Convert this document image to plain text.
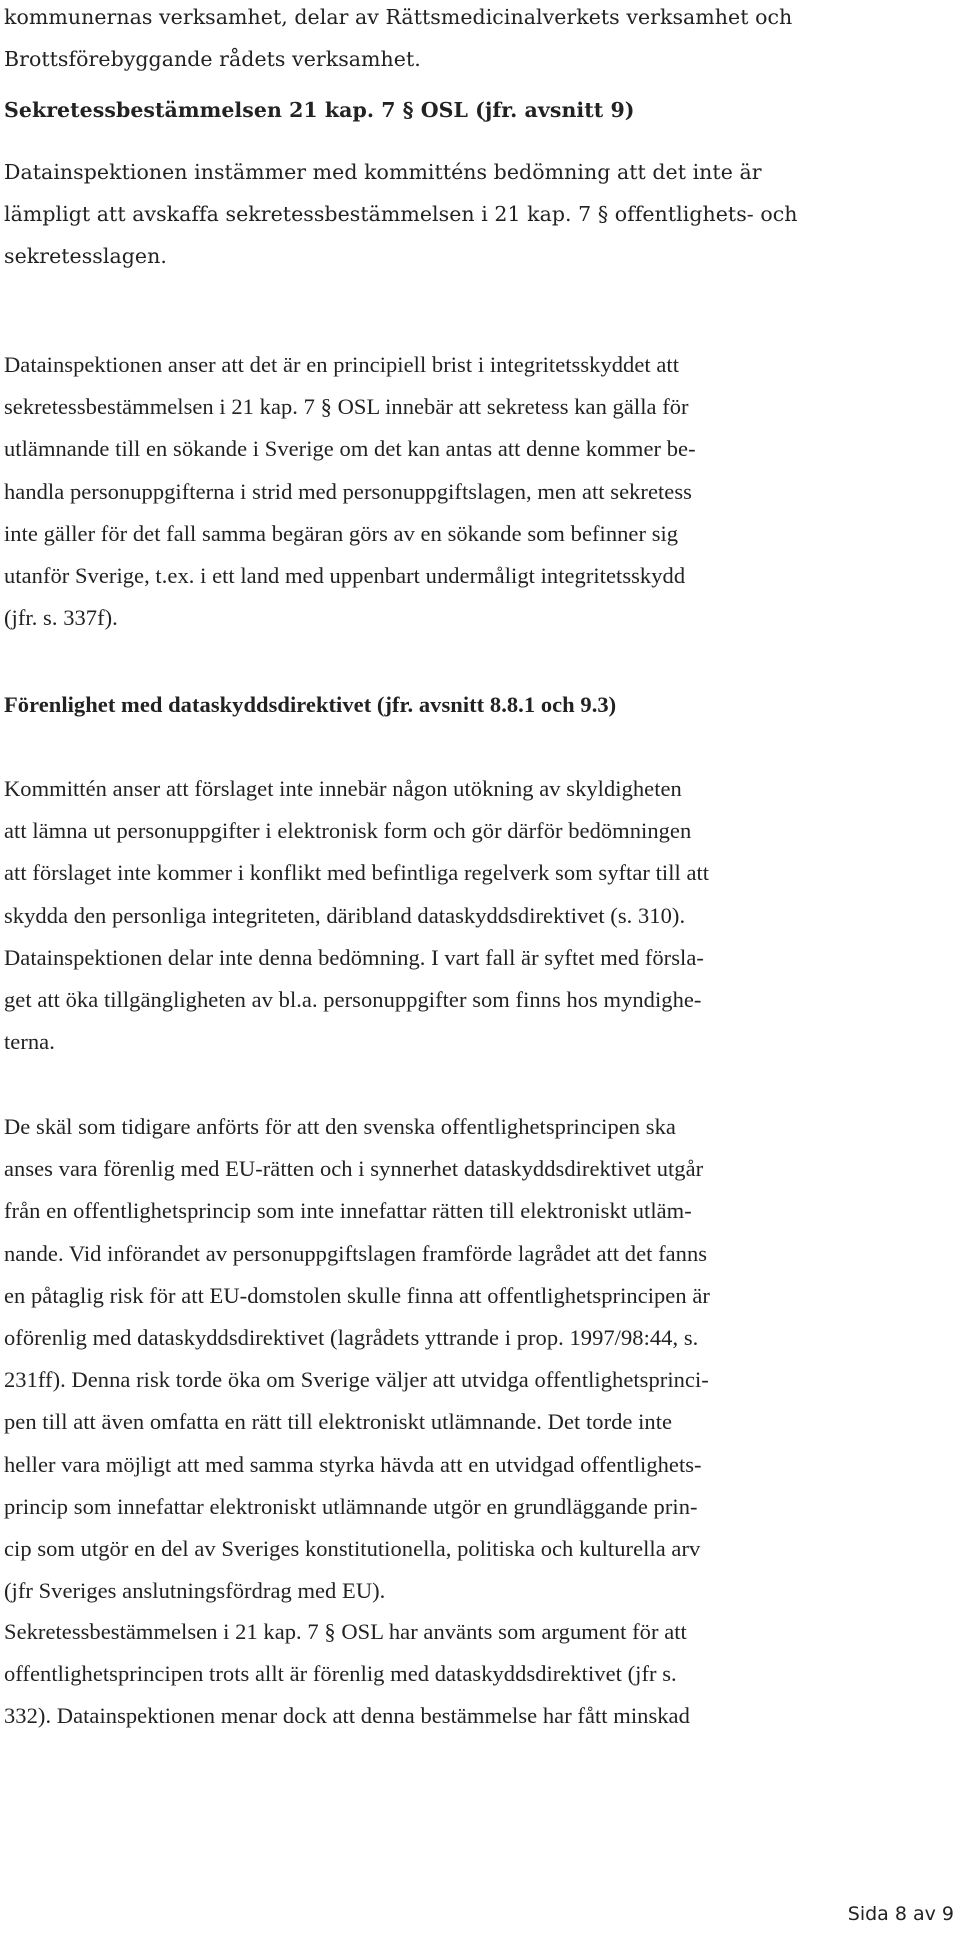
kommunernas verksamhet, delar av Rättsmedicinalverkets verksamhet och

Brottsförebyggande rådets verksamhet.

Sekretessbestämmelsen 21 kap. 7 § OSL (jfr. avsnitt 9)

Datainspektionen instämmer med kommitténs bedömning att det inte är

lämpligt att avskaffa sekretessbestämmelsen i 21 kap. 7 § offentlighets- och

sekretesslagen.

Datainspektionen anser att det är en principiell brist i integritetsskyddet att

sekretessbestämmelsen i 21 kap. 7 § OSL innebär att sekretess kan gälla för

utlämnande till en sökande i Sverige om det kan antas att denne kommer be-

handla personuppgifterna i strid med personuppgiftslagen, men att sekretess

inte gäller för det fall samma begäran görs av en sökande som befinner sig

utanför Sverige, t.ex. i ett land med uppenbart undermåligt integritetsskydd

(jfr. s. 337f).

Förenlighet med dataskyddsdirektivet (jfr. avsnitt 8.8.1 och 9.3)

Kommittén anser att förslaget inte innebär någon utökning av skyldigheten

att lämna ut personuppgifter i elektronisk form och gör därför bedömningen

att förslaget inte kommer i konflikt med befintliga regelverk som syftar till att

skydda den personliga integriteten, däribland dataskyddsdirektivet (s. 310).

Datainspektionen delar inte denna bedömning. I vart fall är syftet med försla-

get att öka tillgängligheten av bl.a. personuppgifter som finns hos myndighe-

terna.

De skäl som tidigare anförts för att den svenska offentlighetsprincipen ska

anses vara förenlig med EU-rätten och i synnerhet dataskyddsdirektivet utgår

från en offentlighetsprincip som inte innefattar rätten till elektroniskt utläm-

nande. Vid införandet av personuppgiftslagen framförde lagrådet att det fanns

en påtaglig risk för att EU-domstolen skulle finna att offentlighetsprincipen är

oförenlig med dataskyddsdirektivet (lagrådets yttrande i prop. 1997/98:44, s.

231ff). Denna risk torde öka om Sverige väljer att utvidga offentlighetsprinci-

pen till att även omfatta en rätt till elektroniskt utlämnande. Det torde inte

heller vara möjligt att med samma styrka hävda att en utvidgad offentlighets-

princip som innefattar elektroniskt utlämnande utgör en grundläggande prin-

cip som utgör en del av Sveriges konstitutionella, politiska och kulturella arv

(jfr Sveriges anslutningsfördrag med EU).

Sekretessbestämmelsen i 21 kap. 7 § OSL har använts som argument för att

offentlighetsprincipen trots allt är förenlig med dataskyddsdirektivet (jfr s.

332). Datainspektionen menar dock att denna bestämmelse har fått minskad

Sida 8 av 9
